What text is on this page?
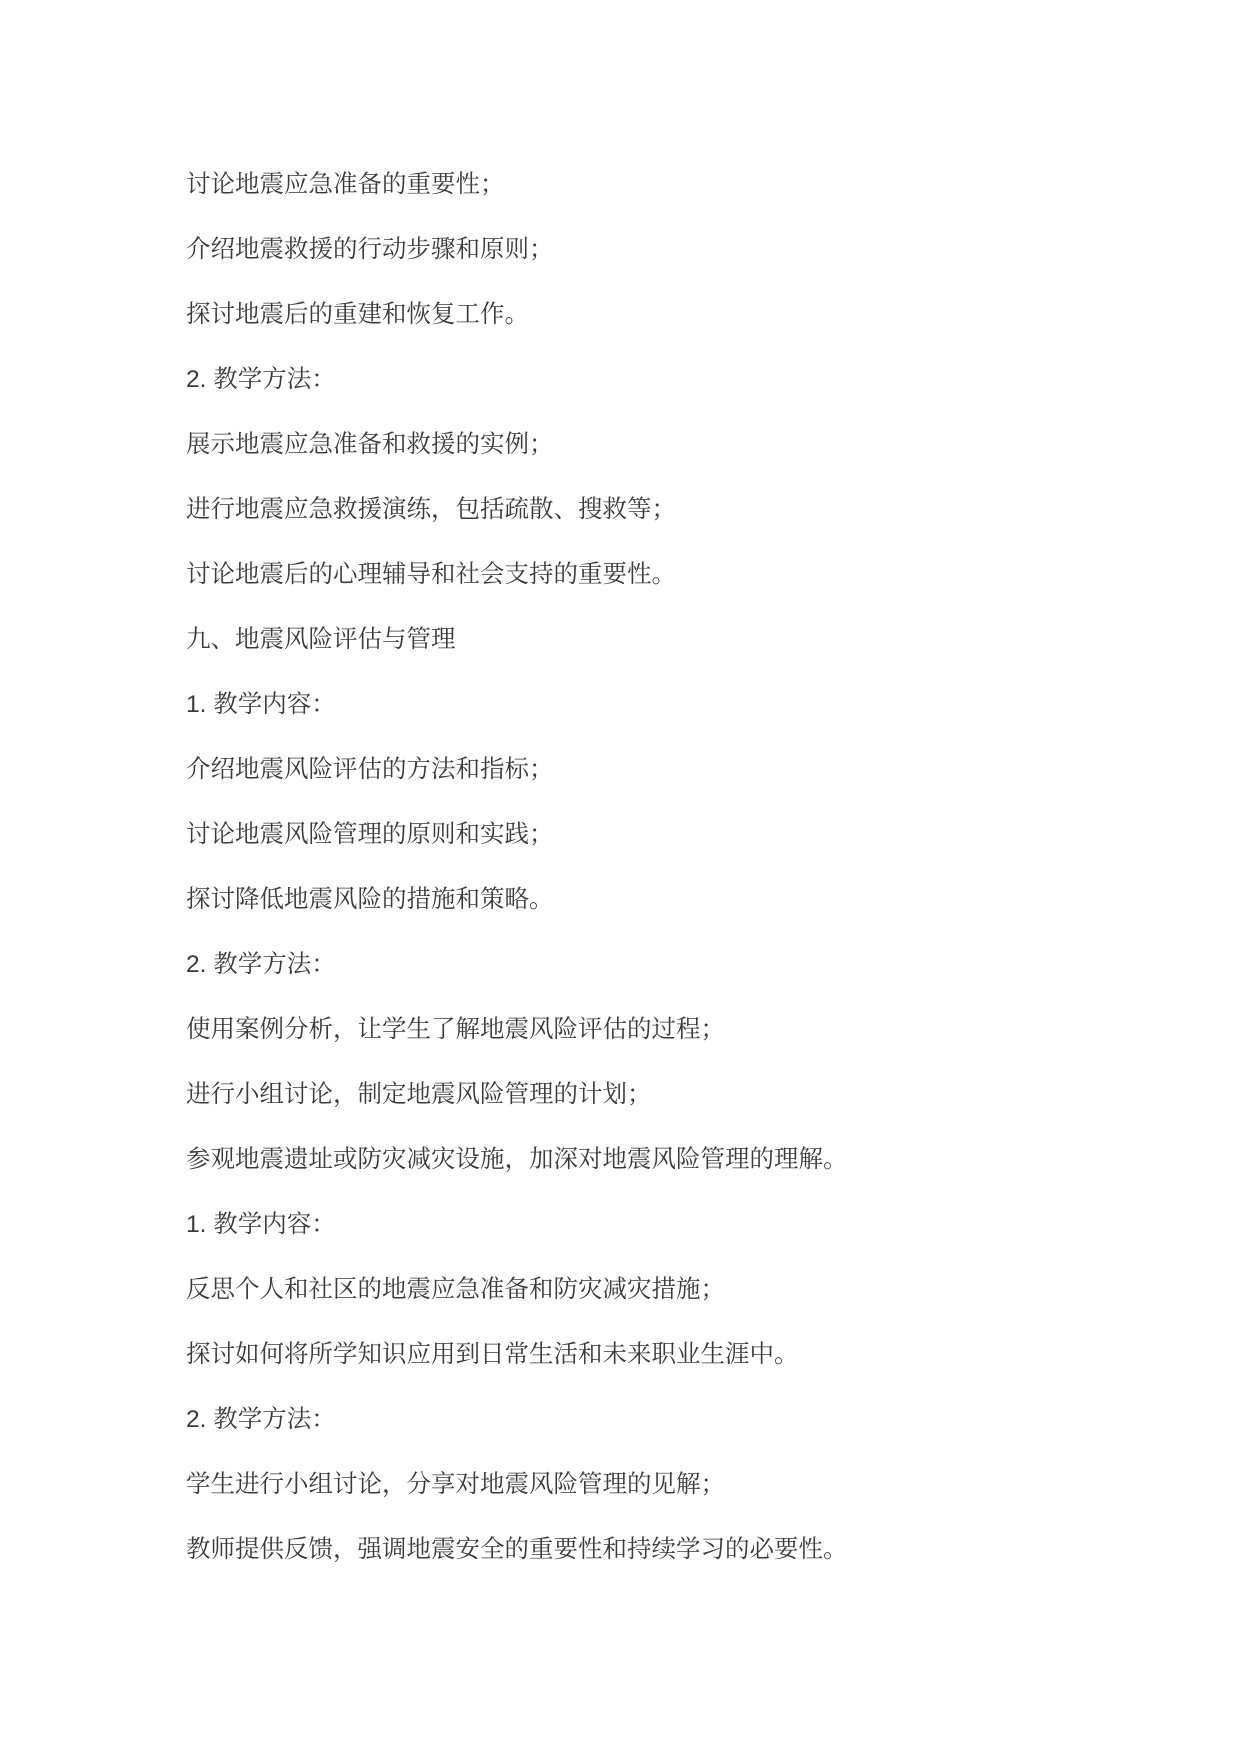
讨论地震应急准备的重要性；

介绍地震救援的行动步骤和原则；

探讨地震后的重建和恢复工作。

2. 教学方法：

展示地震应急准备和救援的实例；

进行地震应急救援演练，包括疏散、搜救等；

讨论地震后的心理辅导和社会支持的重要性。

九、地震风险评估与管理

1. 教学内容：

介绍地震风险评估的方法和指标；

讨论地震风险管理的原则和实践；

探讨降低地震风险的措施和策略。

2. 教学方法：

使用案例分析，让学生了解地震风险评估的过程；

进行小组讨论，制定地震风险管理的计划；

参观地震遗址或防灾减灾设施，加深对地震风险管理的理解。

1. 教学内容：

反思个人和社区的地震应急准备和防灾减灾措施；

探讨如何将所学知识应用到日常生活和未来职业生涯中。

2. 教学方法：

学生进行小组讨论，分享对地震风险管理的见解；

教师提供反馈，强调地震安全的重要性和持续学习的必要性。
